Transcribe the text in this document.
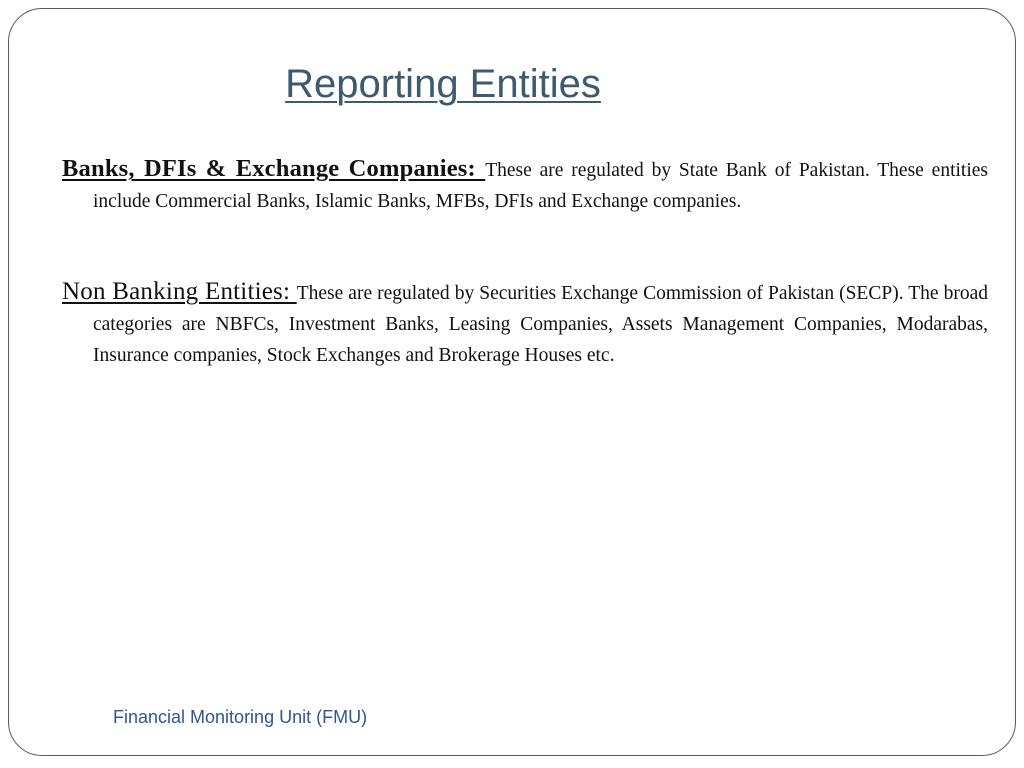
Reporting Entities

Banks, DFIs & Exchange Companies: These are regulated by State Bank of Pakistan. These entities include Commercial Banks, Islamic Banks, MFBs, DFIs and Exchange companies.

Non Banking Entities: These are regulated by Securities Exchange Commission of Pakistan (SECP). The broad categories are NBFCs, Investment Banks, Leasing Companies, Assets Management Companies, Modarabas, Insurance companies, Stock Exchanges and Brokerage Houses etc.

Financial Monitoring Unit (FMU)
